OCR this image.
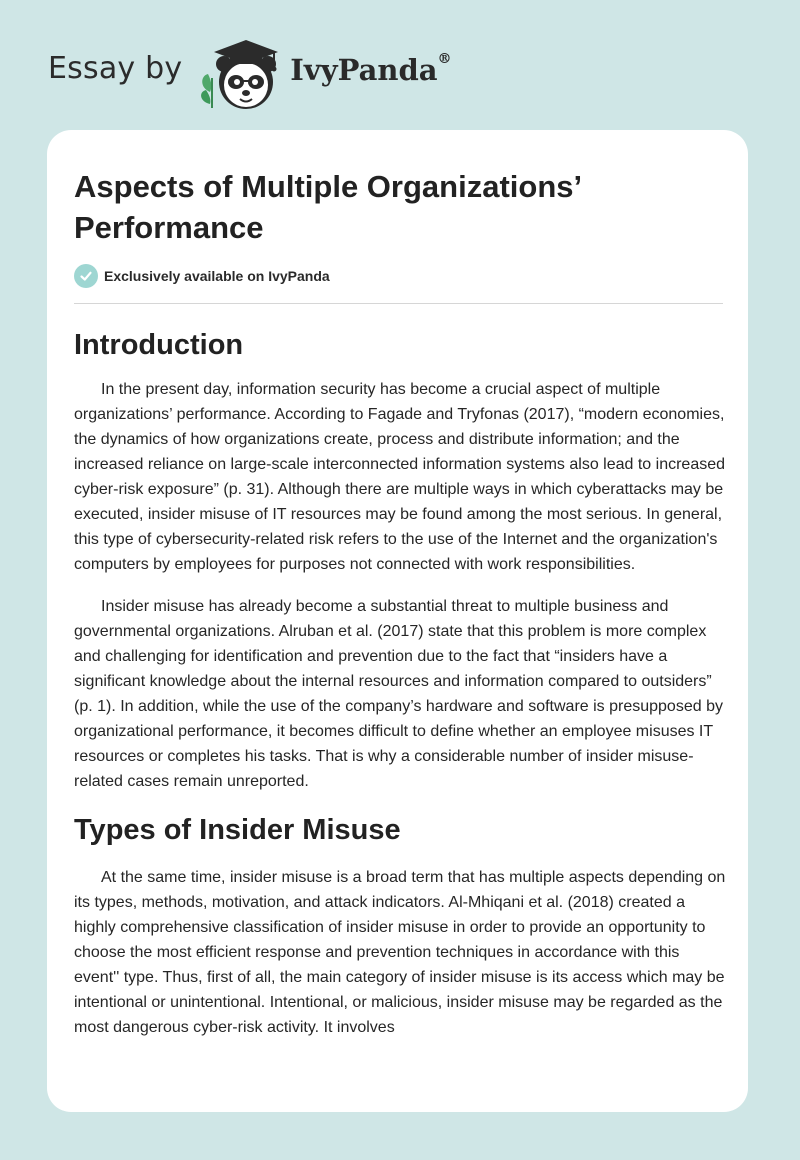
Essay by	IvyPanda®
Aspects of Multiple Organizations’ Performance
Exclusively available on IvyPanda
Introduction

In the present day, information security has become a crucial aspect of multiple organizations’ performance. According to Fagade and Tryfonas (2017), “modern economies, the dynamics of how organizations create, process and distribute information; and the increased reliance on large-scale interconnected information systems also lead to increased cyber-risk exposure” (p. 31). Although there are multiple ways in which cyberattacks may be executed, insider misuse of IT resources may be found among the most serious. In general, this type of cybersecurity-related risk refers to the use of the Internet and the organization's computers by employees for purposes not connected with work responsibilities.

Insider misuse has already become a substantial threat to multiple business and governmental organizations. Alruban et al. (2017) state that this problem is more complex and challenging for identification and prevention due to the fact that “insiders have a significant knowledge about the internal resources and information compared to outsiders” (p. 1). In addition, while the use of the company’s hardware and software is presupposed by organizational performance, it becomes difficult to define whether an employee misuses IT resources or completes his tasks. That is why a considerable number of insider misuse-related cases remain unreported.

Types of Insider Misuse

At the same time, insider misuse is a broad term that has multiple aspects depending on its types, methods, motivation, and attack indicators. Al-Mhiqani et al. (2018) created a highly comprehensive classification of insider misuse in order to provide an opportunity to choose the most efficient response and prevention techniques in accordance with this event'' type. Thus, first of all, the main category of insider misuse is its access which may be intentional or unintentional. Intentional, or malicious, insider misuse may be regarded as the most dangerous cyber-risk activity. It involves
